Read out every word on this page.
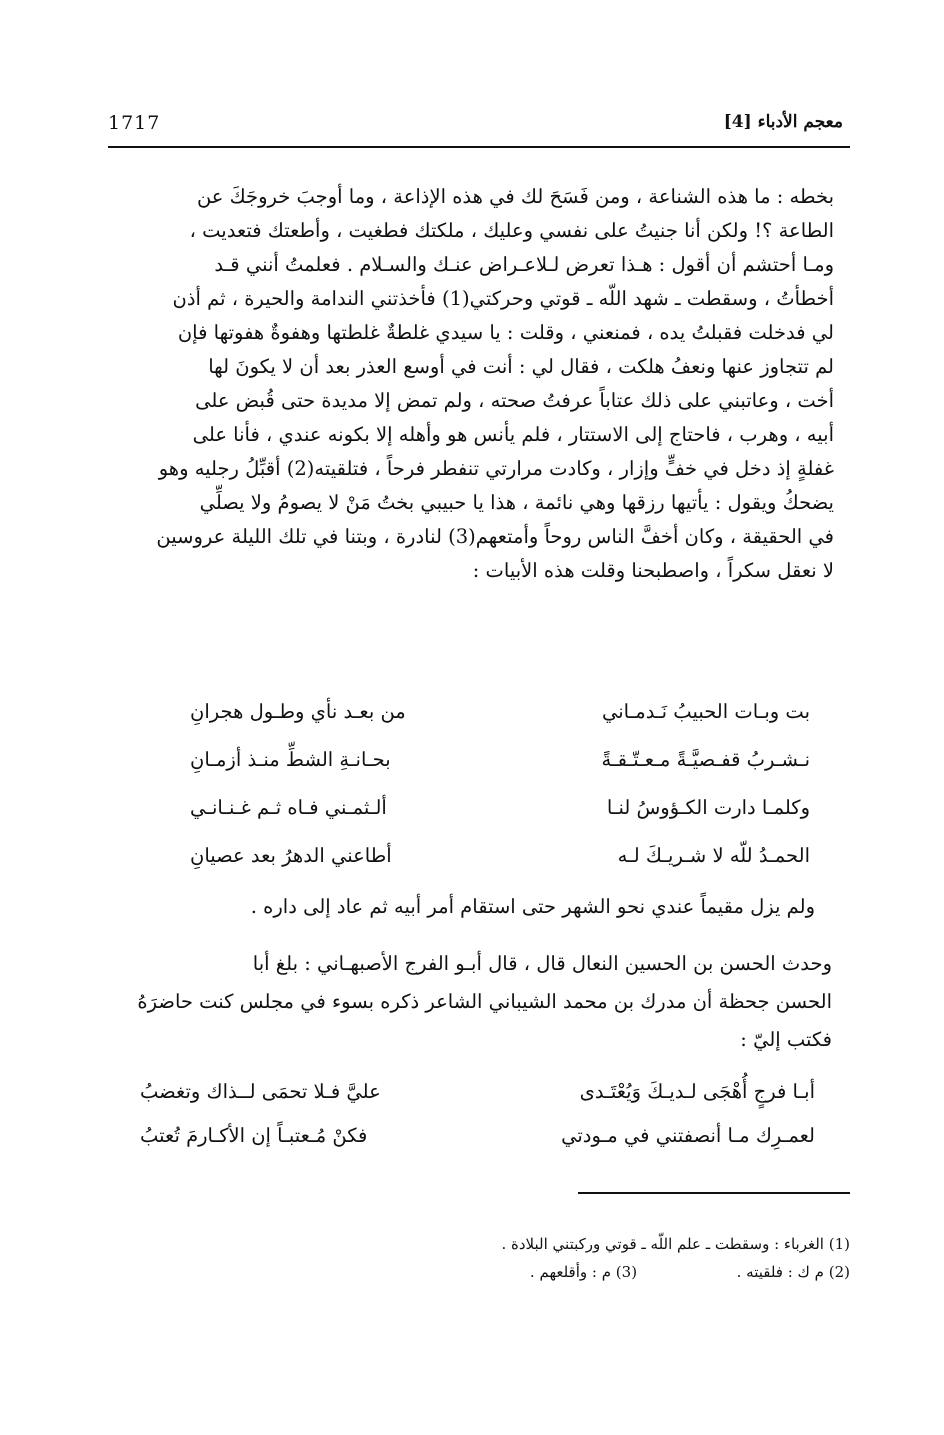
1717	معجم الأدباء [4]

بخطه : ما هذه الشناعة ، ومن فَسَحَ لك في هذه الإذاعة ، وما أوجبَ خروجَكَ عن

الطاعة ؟! ولكن أنا جنيتُ على نفسي وعليك ، ملكتك فطغيت ، وأطعتك فتعديت ،

ومـا أحتشم أن أقول : هـذا تعرض لـلاعـراض عنـك والسـلام . فعلمتُ أنني قـد

أخطأتُ ، وسقطت ـ شهد اللّه ـ قوتي وحركتي(1) فأخذتني الندامة والحيرة ، ثم أذن

لي فدخلت فقبلتُ يده ، فمنعني ، وقلت : يا سيدي غلطةٌ غلطتها وهفوةٌ هفوتها فإن

لم تتجاوز عنها ونعفُ هلكت ، فقال لي : أنت في أوسع العذر بعد أن لا يكونَ لها

أخت ، وعاتبني على ذلك عتاباً عرفتُ صحته ، ولم تمض إلا مديدة حتى قُبض على

أبيه ، وهرب ، فاحتاج إلى الاستتار ، فلم يأنس هو وأهله إلا بكونه عندي ، فأنا على

غفلةٍ إذ دخل في خفٍّ وإزار ، وكادت مرارتي تنفطر فرحاً ، فتلقيته(2) أقبِّلُ رجليه وهو

يضحكُ ويقول : يأتيها رزقها وهي نائمة ، هذا يا حبيبي بختُ مَنْ لا يصومُ ولا يصلِّي

في الحقيقة ، وكان أخفَّ الناس روحاً وأمتعهم(3) لنادرة ، وبتنا في تلك الليلة عروسين

لا نعقل سكراً ، واصطبحنا وقلت هذه الأبيات :

بت وبـات الحبيبُ نَـدمـاني
من بعـد نأي وطـول هجرانِ
نـشـربُ قفـصيَّـةً مـعـتّـقـةً
بحـانـةِ الشطِّ منـذ أزمـانِ
وكلمـا دارت الكـؤوسُ لنـا
ألـثمـني فـاه ثـم غـنـانـي
الحمـدُ للّه لا شـريـكَ لـه
أطاعني الدهرُ بعد عصيانِ
ولم يزل مقيماً عندي نحو الشهر حتى استقام أمر أبيه ثم عاد إلى داره .

وحدث الحسن بن الحسين النعال قال ، قال أبـو الفرج الأصبهـاني : بلغ أبا

الحسن جحظة أن مدرك بن محمد الشيباني الشاعر ذكره بسوء في مجلس كنت حاضرَهُ

فكتب إليّ :

أبـا فرجٍ أُهْجَى لـديـكَ وَيُعْتَـدى
عليَّ فـلا تحمَى لــذاك وتغضبُ
لعمـرِك مـا أنصفتني في مـودتي
فكنْ مُـعتبـاً إن الأكـارمَ تُعتبُ
(1) الغرباء : وسقطت ـ علم اللّه ـ قوتي وركبتني البلادة .
(2) م ك : فلقيته .  (3) م : وأقلعهم .
